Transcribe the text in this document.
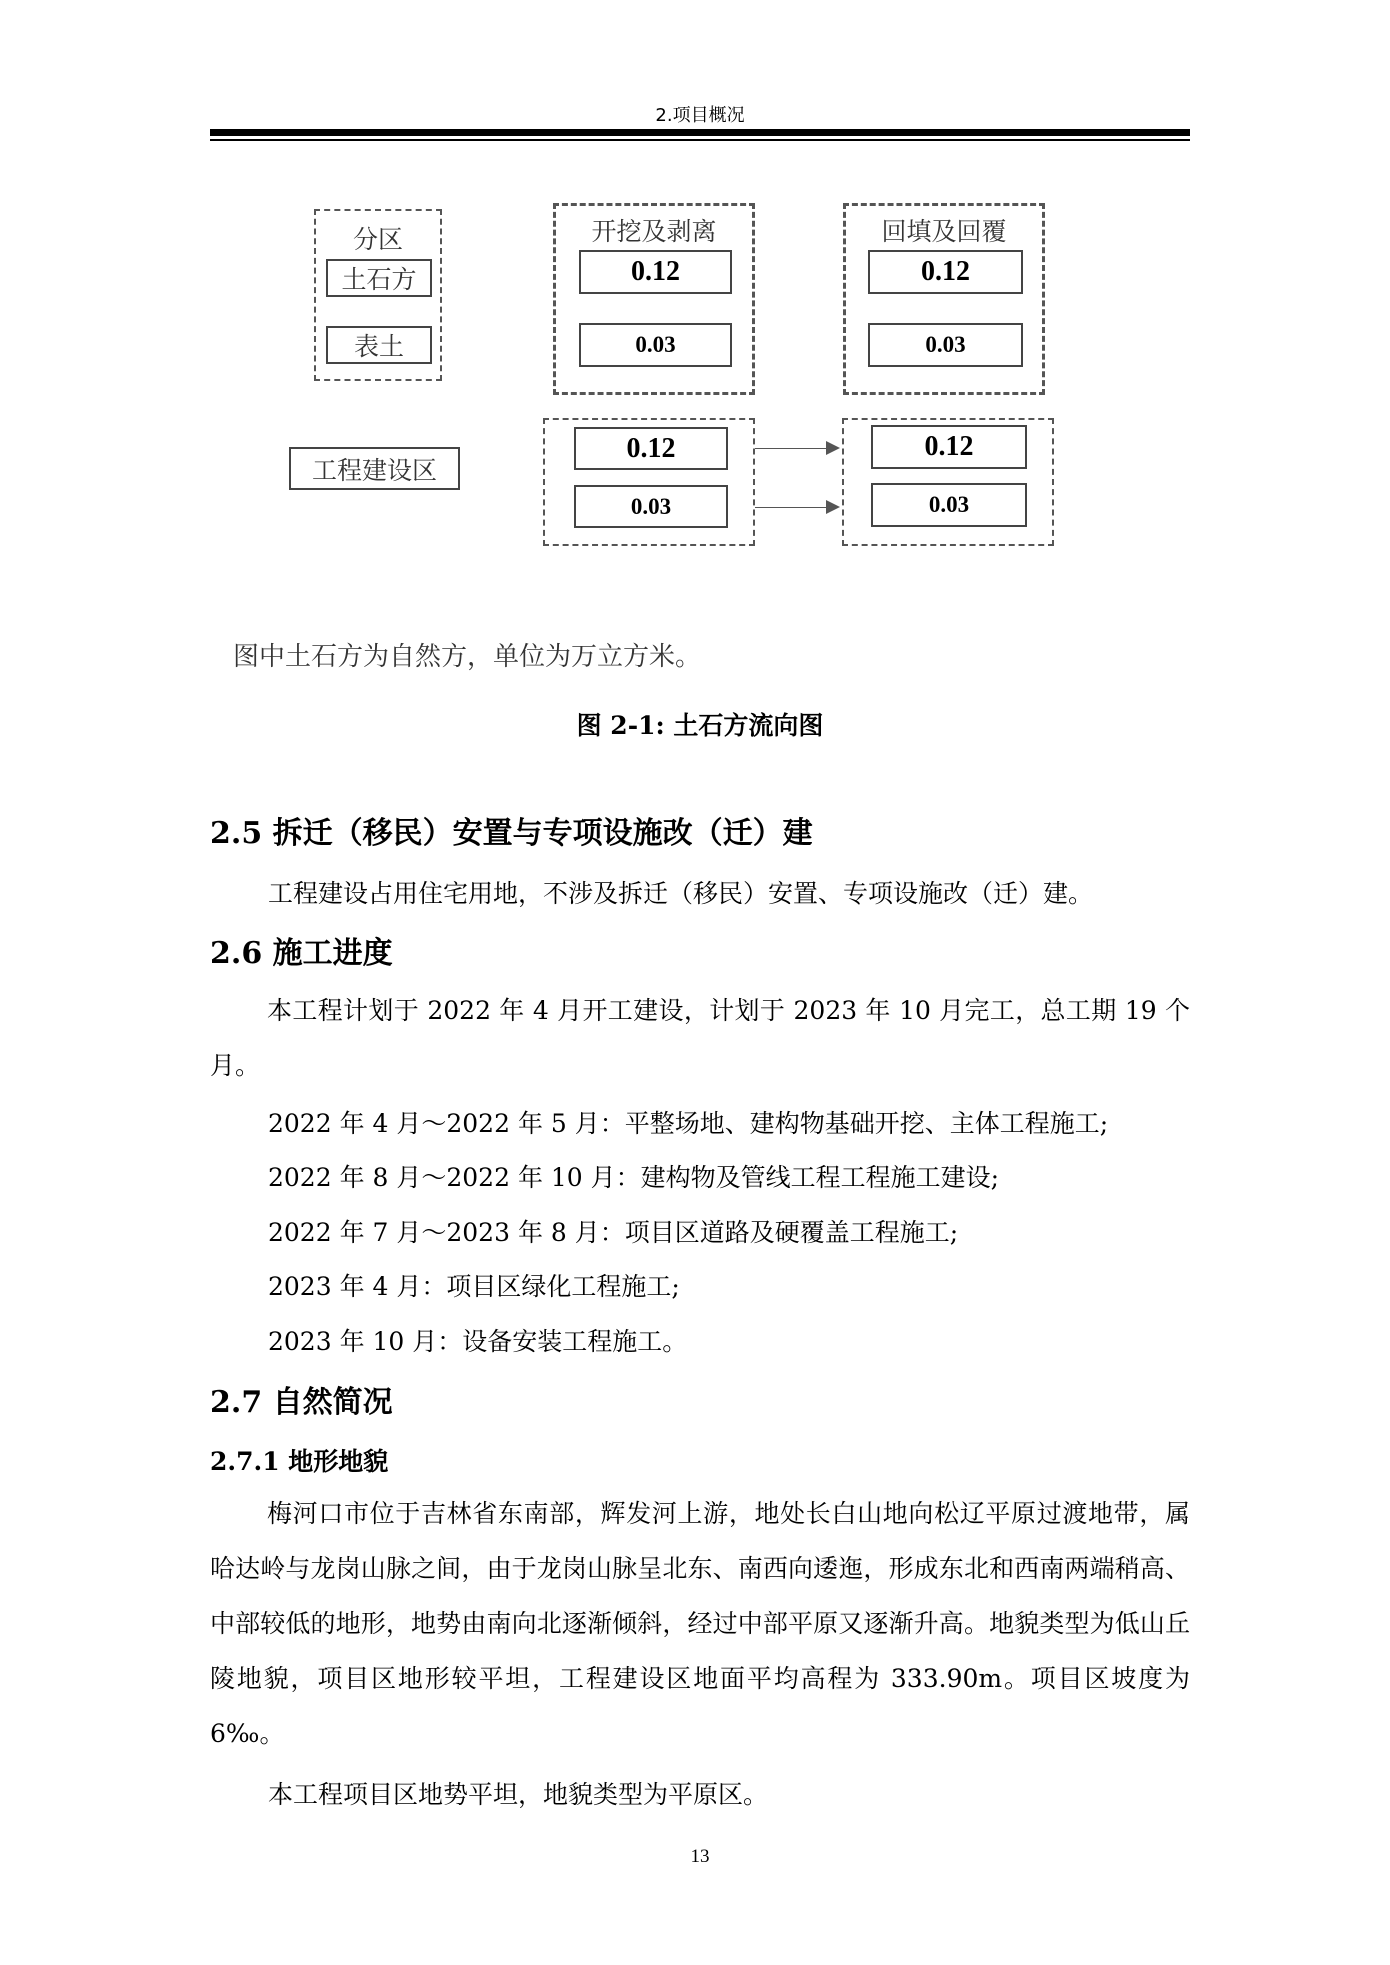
2.项目概况
分区
土石方
表土
开挖及剥离
0.12
0.03
回填及回覆
0.12
0.03
工程建设区
0.12
0.03
0.12
0.03
图中土石方为自然方，单位为万立方米。
图 2-1: 土石方流向图
2.5 拆迁（移民）安置与专项设施改（迁）建
工程建设占用住宅用地，不涉及拆迁（移民）安置、专项设施改（迁）建。
2.6 施工进度

本工程计划于 2022 年 4 月开工建设，计划于 2023 年 10 月完工，总工期 19 个月。

2022 年 4 月～2022 年 5 月：平整场地、建构物基础开挖、主体工程施工;
2022 年 8 月～2022 年 10 月：建构物及管线工程工程施工建设;
2022 年 7 月～2023 年 8 月：项目区道路及硬覆盖工程施工;
2023 年 4 月：项目区绿化工程施工;
2023 年 10 月：设备安装工程施工。
2.7 自然简况
2.7.1 地形地貌

梅河口市位于吉林省东南部，辉发河上游，地处长白山地向松辽平原过渡地带，属哈达岭与龙岗山脉之间，由于龙岗山脉呈北东、南西向逶迤，形成东北和西南两端稍高、中部较低的地形，地势由南向北逐渐倾斜，经过中部平原又逐渐升高。地貌类型为低山丘陵地貌，项目区地形较平坦，工程建设区地面平均高程为 333.90m。项目区坡度为 6‰。

本工程项目区地势平坦，地貌类型为平原区。
13
